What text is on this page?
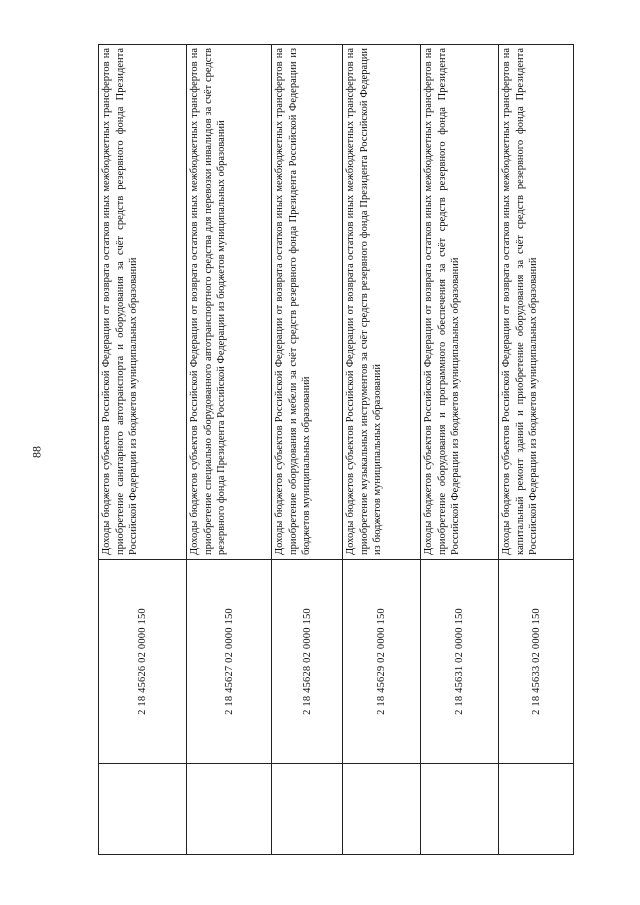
88
	2 18 45626 02 0000 150	Доходы бюджетов субъектов Российской Федерации от возврата остатков иных межбюджетных трансфертов на приобретение санитарного автотранспорта и оборудования за счёт средств резервного фонда Президента Российской Федерации из бюджетов муниципальных образований
	2 18 45627 02 0000 150	Доходы бюджетов субъектов Российской Федерации от возврата остатков иных межбюджетных трансфертов на приобретение специально оборудованного автотранспортного средства для перевозки инвалидов за счёт средств резервного фонда Президента Российской Федерации из бюджетов муниципальных образований
	2 18 45628 02 0000 150	Доходы бюджетов субъектов Российской Федерации от возврата остатков иных межбюджетных трансфертов на приобретение оборудования и мебели за счёт средств резервного фонда Президента Российской Федерации из бюджетов муниципальных образований
	2 18 45629 02 0000 150	Доходы бюджетов субъектов Российской Федерации от возврата остатков иных межбюджетных трансфертов на приобретение музыкальных инструментов за счёт средств резервного фонда Президента Российской Федерации из бюджетов муниципальных образований
	2 18 45631 02 0000 150	Доходы бюджетов субъектов Российской Федерации от возврата остатков иных межбюджетных трансфертов на приобретение оборудования и программного обеспечения за счёт средств резервного фонда Президента Российской Федерации из бюджетов муниципальных образований
	2 18 45633 02 0000 150	Доходы бюджетов субъектов Российской Федерации от возврата остатков иных межбюджетных трансфертов на капитальный ремонт зданий и приобретение оборудования за счёт средств резервного фонда Президента Российской Федерации из бюджетов муниципальных образований
